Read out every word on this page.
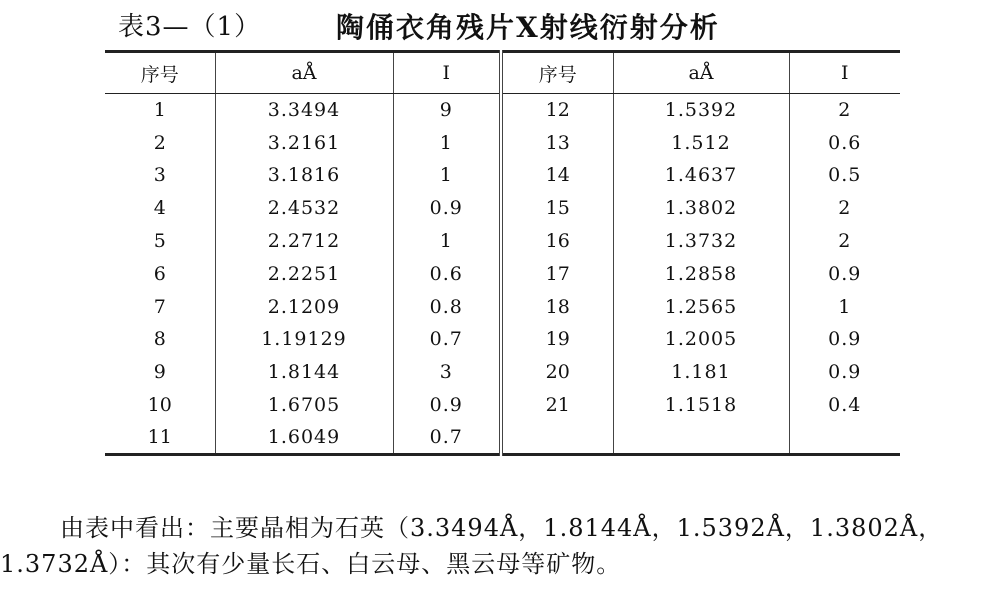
表3—（1）	陶俑衣角残片X射线衍射分析
序号	aÅ	I	序号	aÅ	I
1	3.3494	9	12	1.5392	2
2	3.2161	1	13	1.512	0.6
3	3.1816	1	14	1.4637	0.5
4	2.4532	0.9	15	1.3802	2
5	2.2712	1	16	1.3732	2
6	2.2251	0.6	17	1.2858	0.9
7	2.1209	0.8	18	1.2565	1
8	1.19129	0.7	19	1.2005	0.9
9	1.8144	3	20	1.181	0.9
10	1.6705	0.9	21	1.1518	0.4
11	1.6049	0.7			

由表中看出：主要晶相为石英（3.3494Å，1.8144Å，1.5392Å，1.3802Å，1.3732Å）：其次有少量长石、白云母、黑云母等矿物。
